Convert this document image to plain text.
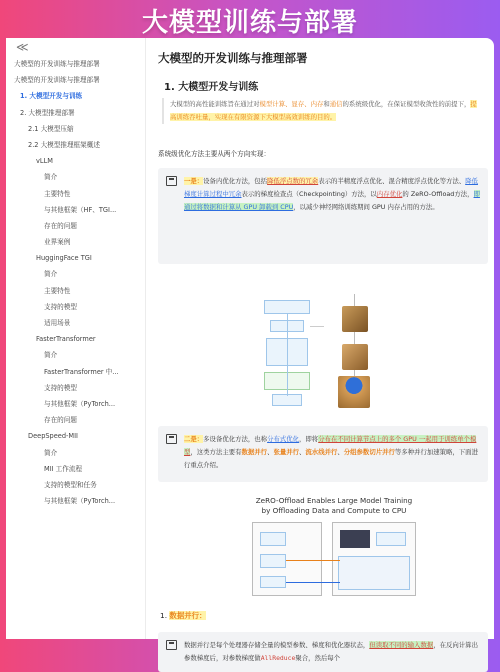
大模型训练与部署
≪
大模型的开发训练与推理部署
大模型的开发训练与推理部署
1. 大模型开发与训练
2. 大模型推理部署
2.1 大模型压缩
2.2 大模型推理框架概述
vLLM
简介
主要特性
与其他框架（HF、TGI...
存在的问题
业界案例
HuggingFace TGI
简介
主要特性
支持的模型
适用场景
FasterTransformer
简介
FasterTransformer 中...
支持的模型
与其他框架（PyTorch...
存在的问题
DeepSpeed-MII
简介
MII 工作流程
支持的模型和任务
与其他框架（PyTorch...
大模型的开发训练与推理部署
1. 大模型开发与训练
大模型的高性能训练旨在通过对模型计算、显存、内存和通信的系统级优化，在保证模型收敛性的前提下，提高训练吞吐量，实现在有限资源下大模型高效训练的目的。
系统级优化方法主要从两个方向实现：
一是：设备内优化方法，包括降低浮点数的冗余表示的半精度浮点优化、混合精度浮点优化等方法、降低梯度计算过程中冗余表示的梯度检查点（Checkpointing）方法，以内存优化的 ZeRO-Offload方法，即通过将数据和计算从 GPU 卸载到 CPU，以减少神经网络训练期间 GPU 内存占用的方法。
二是：多设备优化方法，也称分布式优化，即将分布在不同计算节点上的多个 GPU 一起用于训练单个模型，这类方法主要有数据并行、张量并行、流水线并行、分组参数切片并行等多种并行加速策略，下面进行重点介绍。
ZeRO-Offload Enables Large Model Training
by Offloading Data and Compute to CPU
1. 数据并行：
数据并行是每个处理器存储全量的模型参数、梯度和优化器状态，但读取不同的输入数据，在反向计算出参数梯度后，对参数梯度做AllReduce聚合，然后每个
